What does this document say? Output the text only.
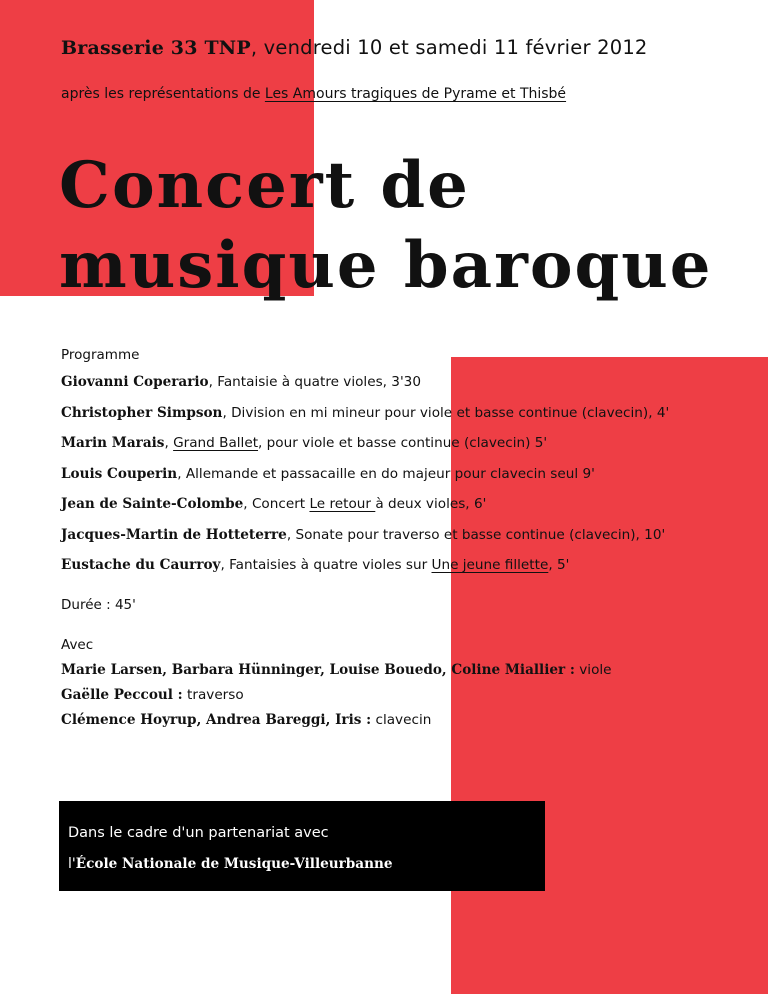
Brasserie 33 TNP, vendredi 10 et samedi 11 février 2012
après les représentations de Les Amours tragiques de Pyrame et Thisbé
Concert de
musique baroque
Programme
Giovanni Coperario, Fantaisie à quatre violes, 3'30
Christopher Simpson, Division en mi mineur pour viole et basse continue (clavecin), 4'
Marin Marais, Grand Ballet, pour viole et basse continue (clavecin) 5'
Louis Couperin, Allemande et passacaille en do majeur pour clavecin seul 9'
Jean de Sainte-Colombe, Concert Le retour à deux violes, 6'
Jacques-Martin de Hotteterre, Sonate pour traverso et basse continue (clavecin), 10'
Eustache du Caurroy, Fantaisies à quatre violes sur Une jeune fillette, 5'
Durée : 45'
Avec
Marie Larsen, Barbara Hünninger, Louise Bouedo, Coline Miallier : viole
Gaëlle Peccoul : traverso
Clémence Hoyrup, Andrea Bareggi, Iris : clavecin
Dans le cadre d'un partenariat avec
l'École Nationale de Musique-Villeurbanne
